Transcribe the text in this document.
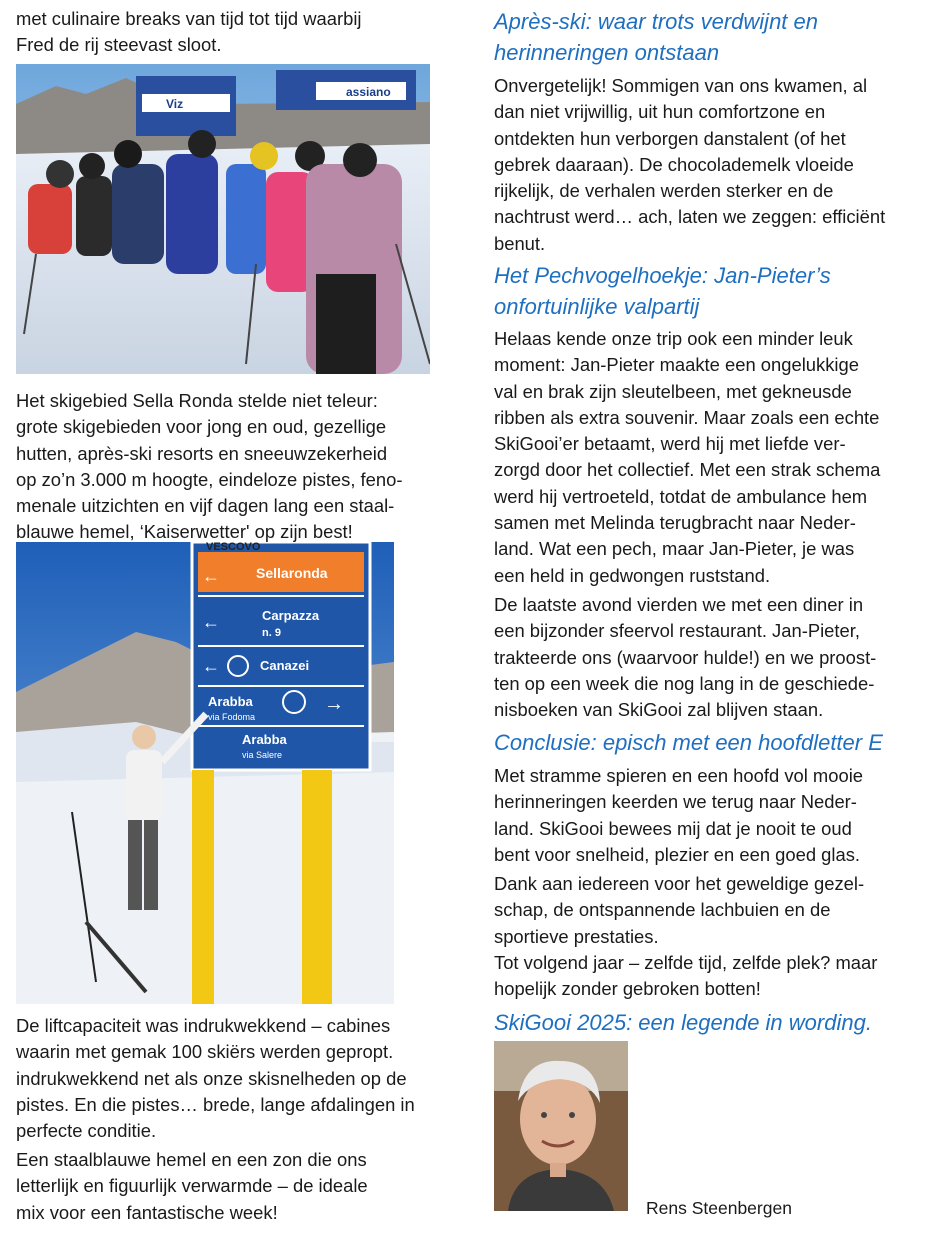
met culinaire breaks van tijd tot tijd waarbij
Fred de rij steevast sloot.

Viz
assiano

Het skigebied Sella Ronda stelde niet teleur:
grote skigebieden voor jong en oud, gezellige
hutten, après-ski resorts en sneeuwzekerheid
op zo’n 3.000 m hoogte, eindeloze pistes, feno-
menale uitzichten en vijf dagen lang een staal-
blauwe hemel, ‘Kaiserwetter' op zijn best!

VESCOVO
←	Sellaronda
←	Carpazza
n. 9
←	Canazei
Arabba
via Fodoma
→
Arabba
via Salere

De liftcapaciteit was indrukwekkend – cabines
waarin met gemak 100 skiërs werden gepropt.
indrukwekkend net als onze skisnelheden op de
pistes. En die pistes… brede, lange afdalingen in
perfecte conditie.

Een staalblauwe hemel en een zon die ons
letterlijk en figuurlijk verwarmde – de ideale
mix voor een fantastische week!

Après-ski: waar trots verdwijnt en
herinneringen ontstaan

Onvergetelijk! Sommigen van ons kwamen, al
dan niet vrijwillig, uit hun comfortzone en
ontdekten hun verborgen danstalent (of het
gebrek daaraan). De chocolademelk vloeide
rijkelijk, de verhalen werden sterker en de
nachtrust werd… ach, laten we zeggen: efficiënt
benut.

Het Pechvogelhoekje: Jan-Pieter’s
onfortuinlijke valpartij

Helaas kende onze trip ook een minder leuk
moment: Jan-Pieter maakte een ongelukkige
val en brak zijn sleutelbeen, met gekneusde
ribben als extra souvenir. Maar zoals een echte
SkiGooi’er betaamt, werd hij met liefde ver-
zorgd door het collectief. Met een strak schema
werd hij vertroeteld, totdat de ambulance hem
samen met Melinda terugbracht naar Neder-
land. Wat een pech, maar Jan-Pieter, je was
een held in gedwongen ruststand.

De laatste avond vierden we met een diner in
een bijzonder sfeervol restaurant. Jan-Pieter,
trakteerde ons (waarvoor hulde!) en we proost-
ten op een week die nog lang in de geschiede-
nisboeken van SkiGooi zal blijven staan.

Conclusie: episch met een hoofdletter E

Met stramme spieren en een hoofd vol mooie
herinneringen keerden we terug naar Neder-
land. SkiGooi bewees mij dat je nooit te oud
bent voor snelheid, plezier en een goed glas.

Dank aan iedereen voor het geweldige gezel-
schap, de ontspannende lachbuien en de
sportieve prestaties.
Tot volgend jaar – zelfde tijd, zelfde plek? maar
hopelijk zonder gebroken botten!

SkiGooi 2025: een legende in wording.

Rens Steenbergen
